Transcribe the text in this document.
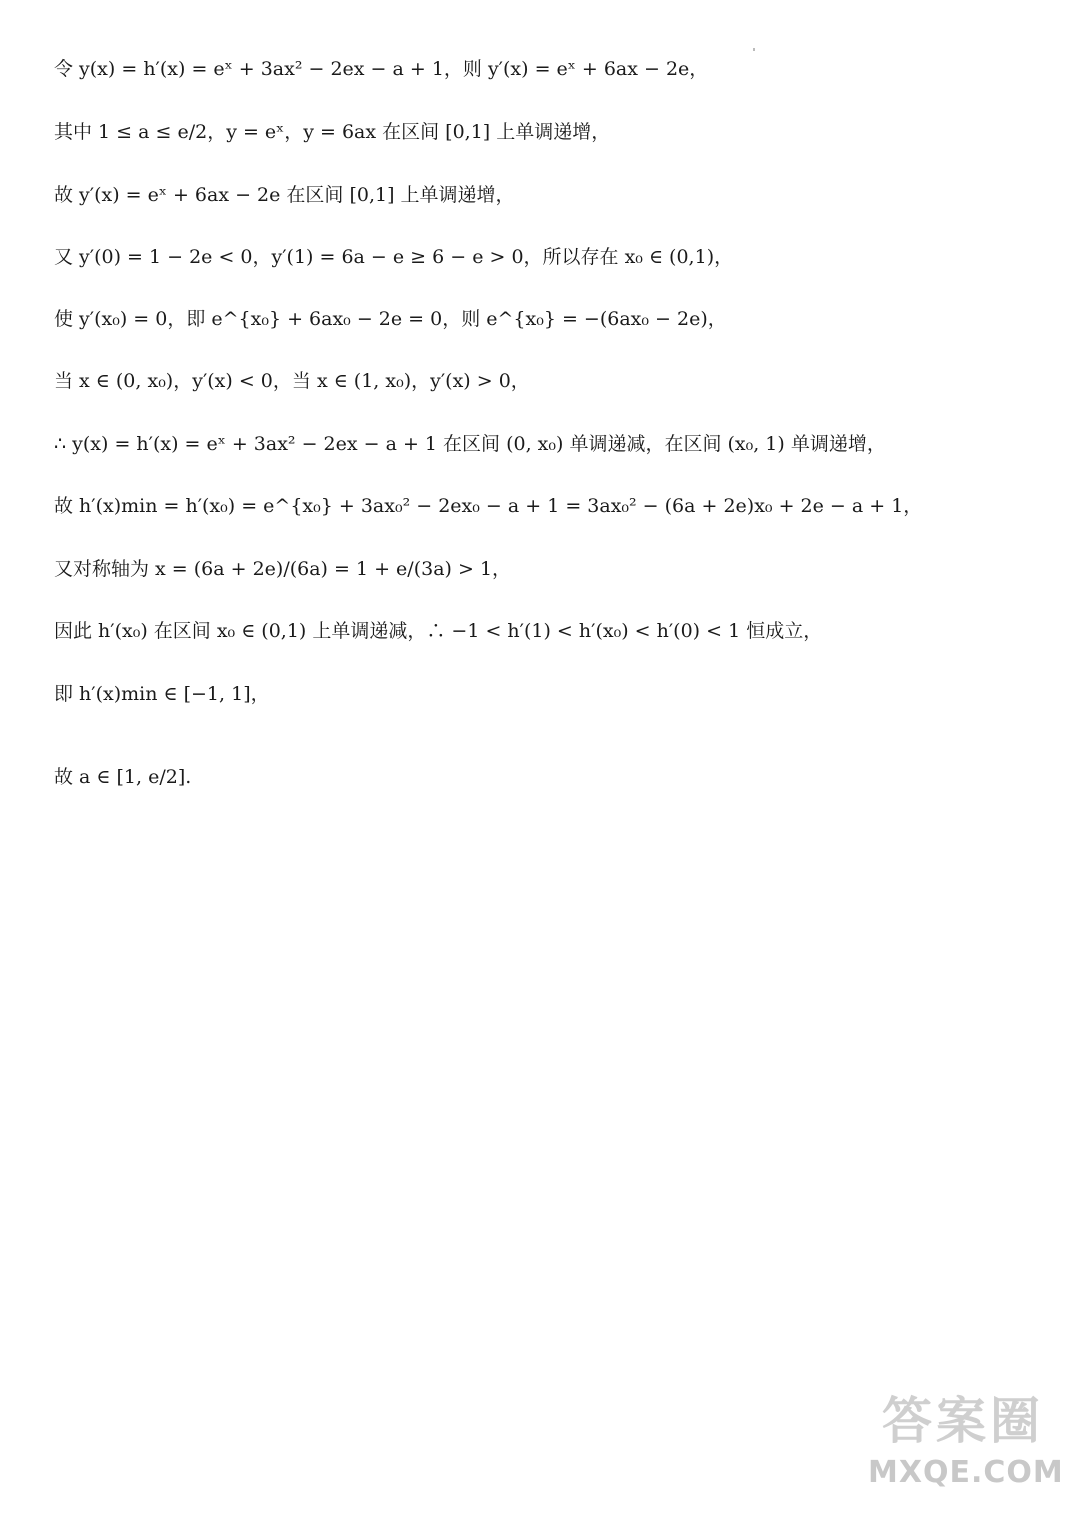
令 y(x) = h′(x) = eˣ + 3ax² − 2ex − a + 1，则 y′(x) = eˣ + 6ax − 2e，
其中 1 ≤ a ≤ e/2，y = eˣ，y = 6ax 在区间 [0,1] 上单调递增，
故 y′(x) = eˣ + 6ax − 2e 在区间 [0,1] 上单调递增，
又 y′(0) = 1 − 2e < 0，y′(1) = 6a − e ≥ 6 − e > 0，所以存在 x₀ ∈ (0,1)，
使 y′(x₀) = 0，即 e^{x₀} + 6ax₀ − 2e = 0，则 e^{x₀} = −(6ax₀ − 2e)，
当 x ∈ (0, x₀)，y′(x) < 0，当 x ∈ (1, x₀)，y′(x) > 0，
∴ y(x) = h′(x) = eˣ + 3ax² − 2ex − a + 1 在区间 (0, x₀) 单调递减，在区间 (x₀, 1) 单调递增，
故 h′(x)min = h′(x₀) = e^{x₀} + 3ax₀² − 2ex₀ − a + 1 = 3ax₀² − (6a + 2e)x₀ + 2e − a + 1，
又对称轴为 x = (6a + 2e)/(6a) = 1 + e/(3a) > 1，
因此 h′(x₀) 在区间 x₀ ∈ (0,1) 上单调递减，∴ −1 < h′(1) < h′(x₀) < h′(0) < 1 恒成立，
即 h′(x)min ∈ [−1, 1]，
故 a ∈ [1, e/2].
答案圈
MXQE.COM
